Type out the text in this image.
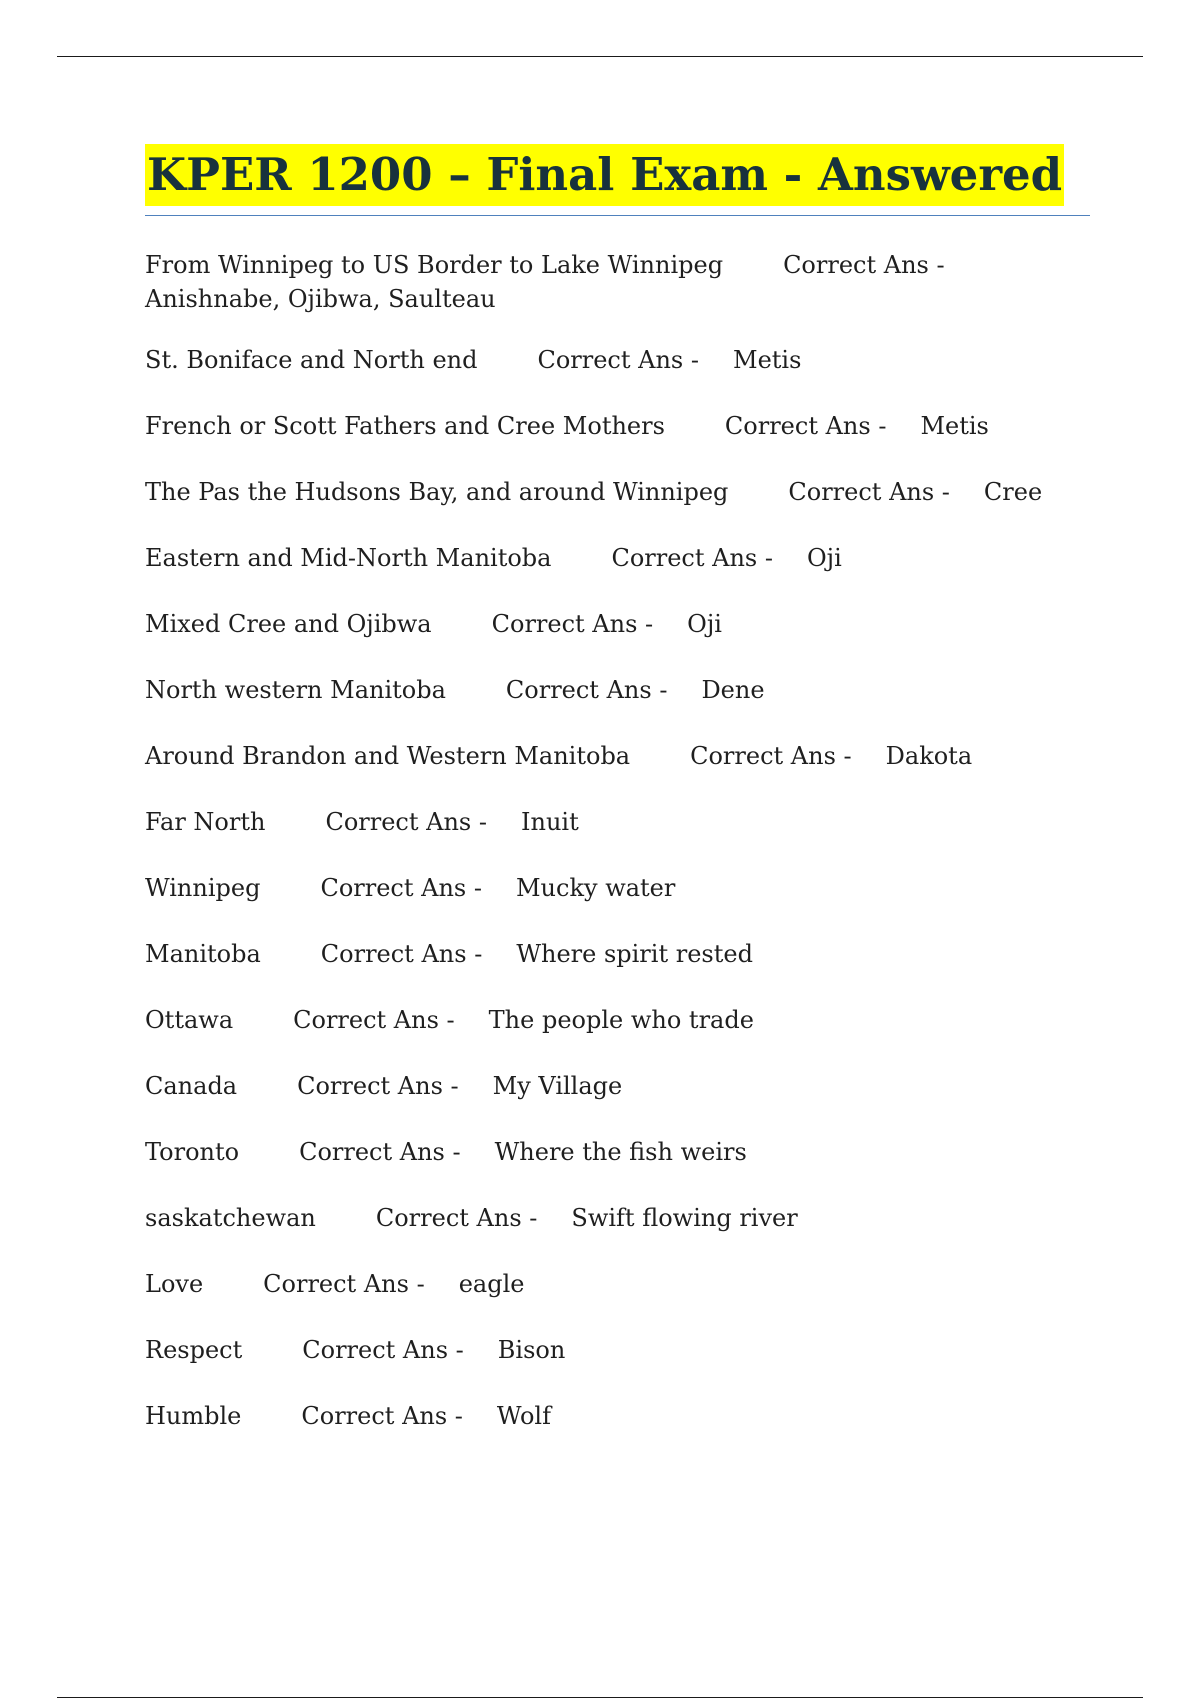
KPER 1200 – Final Exam - Answered
From Winnipeg to US Border to Lake Winnipeg	Correct Ans -
Anishnabe, Ojibwa, Saulteau
St. Boniface and North end	Correct Ans - Metis
French or Scott Fathers and Cree Mothers	Correct Ans - Metis
The Pas the Hudsons Bay, and around Winnipeg	Correct Ans - Cree
Eastern and Mid-North Manitoba	Correct Ans - Oji
Mixed Cree and Ojibwa	Correct Ans - Oji
North western Manitoba	Correct Ans - Dene
Around Brandon and Western Manitoba	Correct Ans - Dakota
Far North	Correct Ans - Inuit
Winnipeg	Correct Ans - Mucky water
Manitoba	Correct Ans - Where spirit rested
Ottawa	Correct Ans - The people who trade
Canada	Correct Ans - My Village
Toronto	Correct Ans - Where the fish weirs
saskatchewan	Correct Ans - Swift flowing river
Love	Correct Ans - eagle
Respect	Correct Ans - Bison
Humble	Correct Ans - Wolf
